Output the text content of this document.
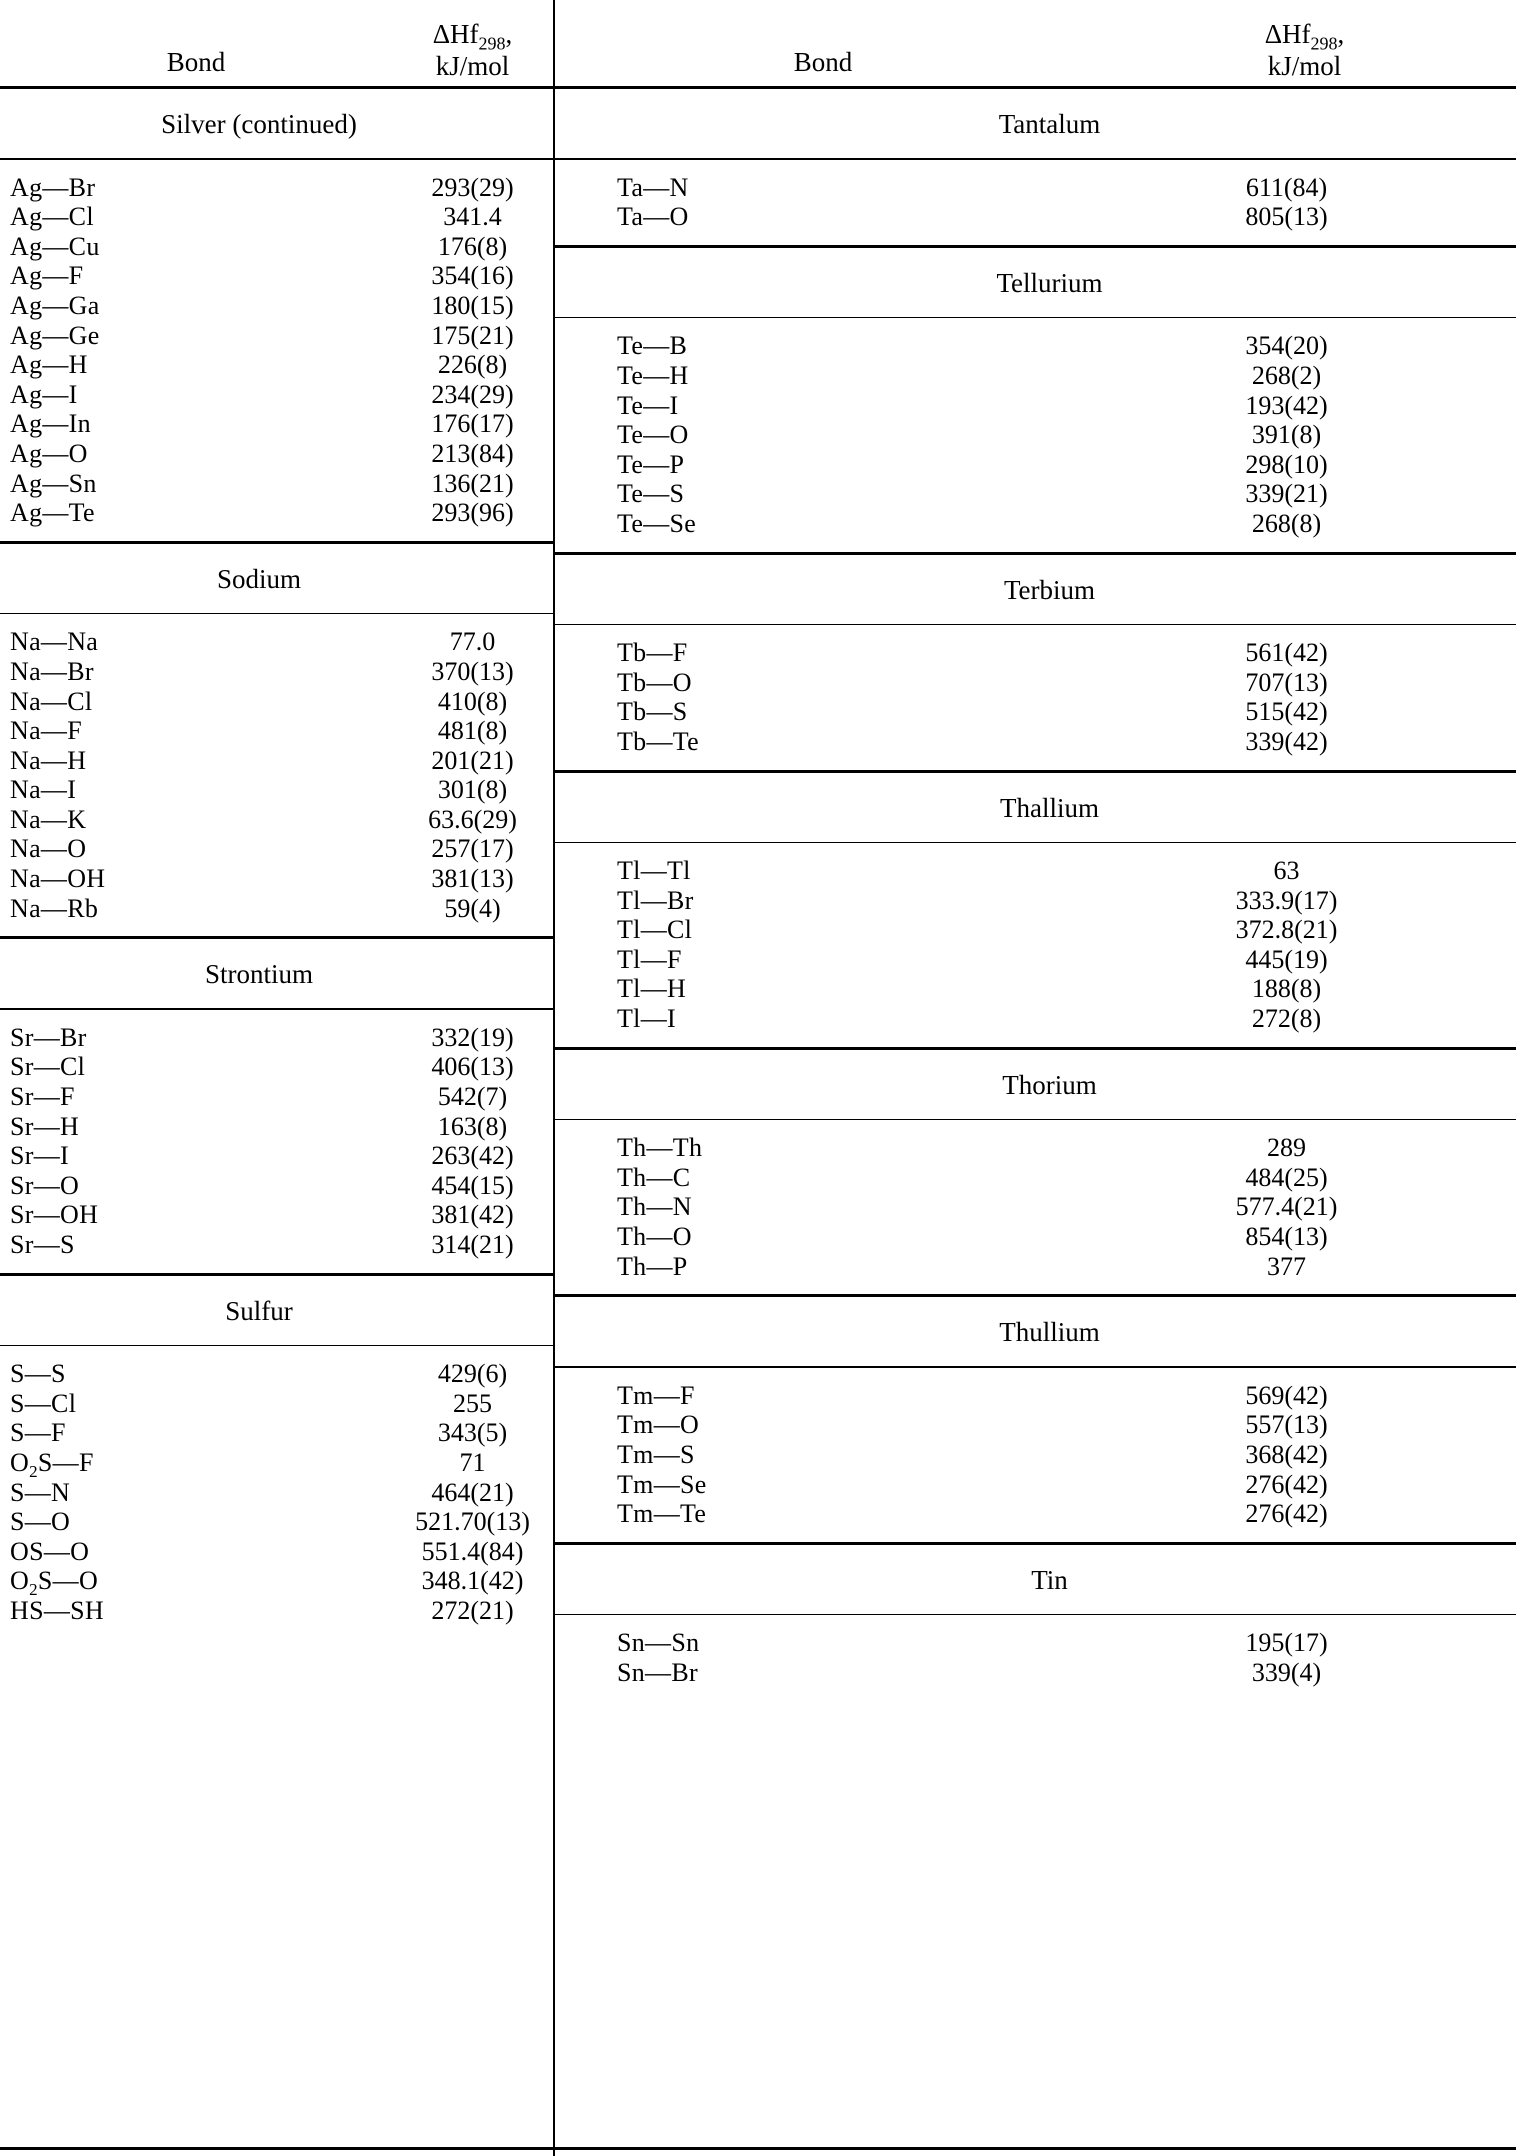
Bond
ΔHf$_{298}$,
kJ/mol
Silver (continued)
Ag—Br	293(29)
Ag—Cl	341.4
Ag—Cu	176(8)
Ag—F	354(16)
Ag—Ga	180(15)
Ag—Ge	175(21)
Ag—H	226(8)
Ag—I	234(29)
Ag—In	176(17)
Ag—O	213(84)
Ag—Sn	136(21)
Ag—Te	293(96)
Sodium
Na—Na	77.0
Na—Br	370(13)
Na—Cl	410(8)
Na—F	481(8)
Na—H	201(21)
Na—I	301(8)
Na—K	63.6(29)
Na—O	257(17)
Na—OH	381(13)
Na—Rb	59(4)
Strontium
Sr—Br	332(19)
Sr—Cl	406(13)
Sr—F	542(7)
Sr—H	163(8)
Sr—I	263(42)
Sr—O	454(15)
Sr—OH	381(42)
Sr—S	314(21)
Sulfur
S—S	429(6)
S—Cl	255
S—F	343(5)
$O_2S—F$	71
S—N	464(21)
S—O	521.70(13)
OS—O	551.4(84)
$O_2S—O$	348.1(42)
HS—SH	272(21)
Bond
ΔHf$_{298}$,
kJ/mol
Tantalum
Ta—N	611(84)
Ta—O	805(13)
Tellurium
Te—B	354(20)
Te—H	268(2)
Te—I	193(42)
Te—O	391(8)
Te—P	298(10)
Te—S	339(21)
Te—Se	268(8)
Terbium
Tb—F	561(42)
Tb—O	707(13)
Tb—S	515(42)
Tb—Te	339(42)
Thallium
Tl—Tl	63
Tl—Br	333.9(17)
Tl—Cl	372.8(21)
Tl—F	445(19)
Tl—H	188(8)
Tl—I	272(8)
Thorium
Th—Th	289
Th—C	484(25)
Th—N	577.4(21)
Th—O	854(13)
Th—P	377
Thullium
Tm—F	569(42)
Tm—O	557(13)
Tm—S	368(42)
Tm—Se	276(42)
Tm—Te	276(42)
Tin
Sn—Sn	195(17)
Sn—Br	339(4)
